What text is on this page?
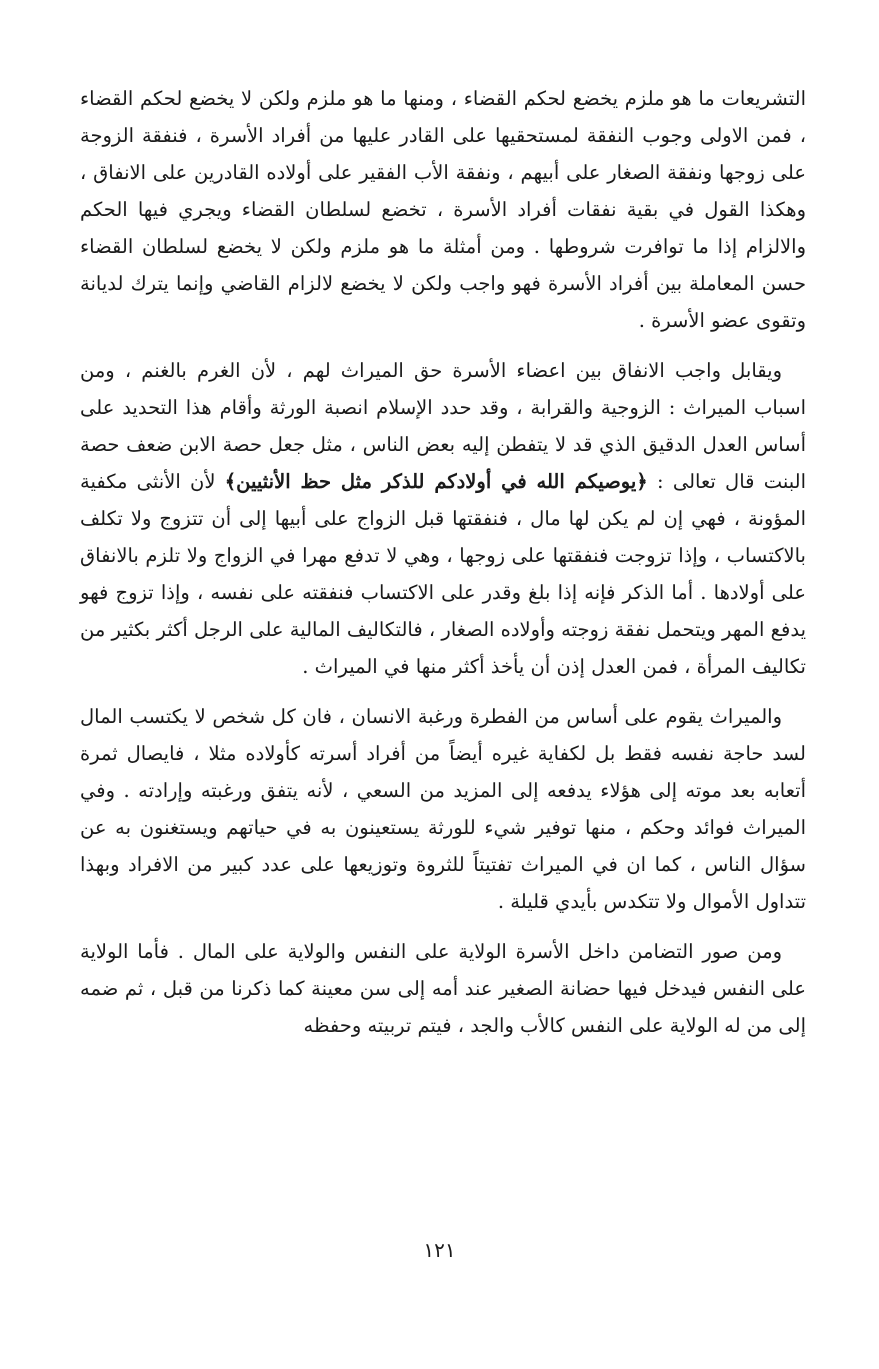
التشريعات ما هو ملزم يخضع لحكم القضاء ، ومنها ما هو ملزم ولكن لا يخضع لحكم القضاء ، فمن الاولى وجوب النفقة لمستحقيها على القادر عليها من أفراد الأسرة ، فنفقة الزوجة على زوجها ونفقة الصغار على أبيهم ، ونفقة الأب الفقير على أولاده القادرين على الانفاق ، وهكذا القول في بقية نفقات أفراد الأسرة ، تخضع لسلطان القضاء ويجري فيها الحكم والالزام إذا ما توافرت شروطها . ومن أمثلة ما هو ملزم ولكن لا يخضع لسلطان القضاء حسن المعاملة بين أفراد الأسرة فهو واجب ولكن لا يخضع لالزام القاضي وإنما يترك لديانة وتقوى عضو الأسرة .

ويقابل واجب الانفاق بين اعضاء الأسرة حق الميراث لهم ، لأن الغرم بالغنم ، ومن اسباب الميراث : الزوجية والقرابة ، وقد حدد الإسلام انصبة الورثة وأقام هذا التحديد على أساس العدل الدقيق الذي قد لا يتفطن إليه بعض الناس ، مثل جعل حصة الابن ضعف حصة البنت قال تعالى : ﴿يوصيكم الله في أولادكم للذكر مثل حظ الأنثيين﴾ لأن الأنثى مكفية المؤونة ، فهي إن لم يكن لها مال ، فنفقتها قبل الزواج على أبيها إلى أن تتزوج ولا تكلف بالاكتساب ، وإذا تزوجت فنفقتها على زوجها ، وهي لا تدفع مهرا في الزواج ولا تلزم بالانفاق على أولادها . أما الذكر فإنه إذا بلغ وقدر على الاكتساب فنفقته على نفسه ، وإذا تزوج فهو يدفع المهر ويتحمل نفقة زوجته وأولاده الصغار ، فالتكاليف المالية على الرجل أكثر بكثير من تكاليف المرأة ، فمن العدل إذن أن يأخذ أكثر منها في الميراث .

والميراث يقوم على أساس من الفطرة ورغبة الانسان ، فان كل شخص لا يكتسب المال لسد حاجة نفسه فقط بل لكفاية غيره أيضاً من أفراد أسرته كأولاده مثلا ، فايصال ثمرة أتعابه بعد موته إلى هؤلاء يدفعه إلى المزيد من السعي ، لأنه يتفق ورغبته وإرادته . وفي الميراث فوائد وحكم ، منها توفير شيء للورثة يستعينون به في حياتهم ويستغنون به عن سؤال الناس ، كما ان في الميراث تفتيتاً للثروة وتوزيعها على عدد كبير من الافراد وبهذا تتداول الأموال ولا تتكدس بأيدي قليلة .

ومن صور التضامن داخل الأسرة الولاية على النفس والولاية على المال . فأما الولاية على النفس فيدخل فيها حضانة الصغير عند أمه إلى سن معينة كما ذكرنا من قبل ، ثم ضمه إلى من له الولاية على النفس كالأب والجد ، فيتم تربيته وحفظه

١٢١
